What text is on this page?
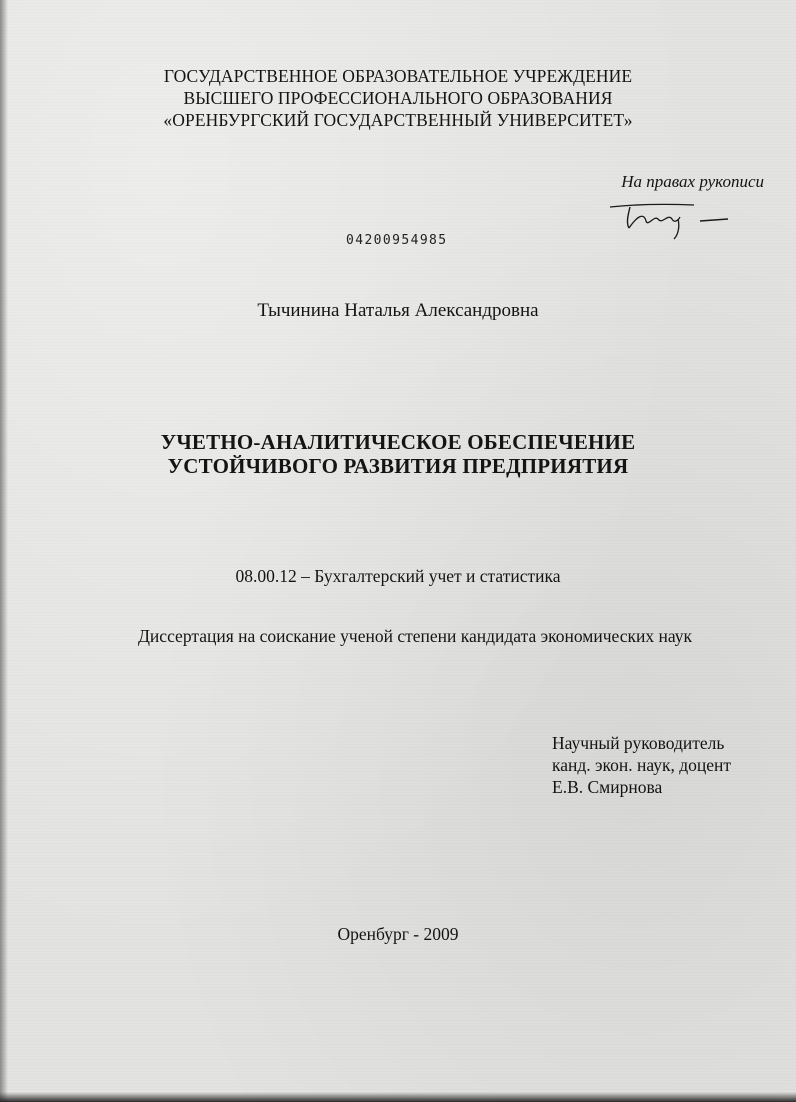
ГОСУДАРСТВЕННОЕ ОБРАЗОВАТЕЛЬНОЕ УЧРЕЖДЕНИЕ
ВЫСШЕГО ПРОФЕССИОНАЛЬНОГО ОБРАЗОВАНИЯ
«ОРЕНБУРГСКИЙ ГОСУДАРСТВЕННЫЙ УНИВЕРСИТЕТ»
На правах рукописи
04200954985
Тычинина Наталья Александровна
УЧЕТНО-АНАЛИТИЧЕСКОЕ ОБЕСПЕЧЕНИЕ
УСТОЙЧИВОГО РАЗВИТИЯ ПРЕДПРИЯТИЯ
08.00.12 – Бухгалтерский учет и статистика
Диссертация на соискание ученой степени кандидата экономических наук
Научный руководитель
канд. экон. наук, доцент
Е.В. Смирнова
Оренбург - 2009
